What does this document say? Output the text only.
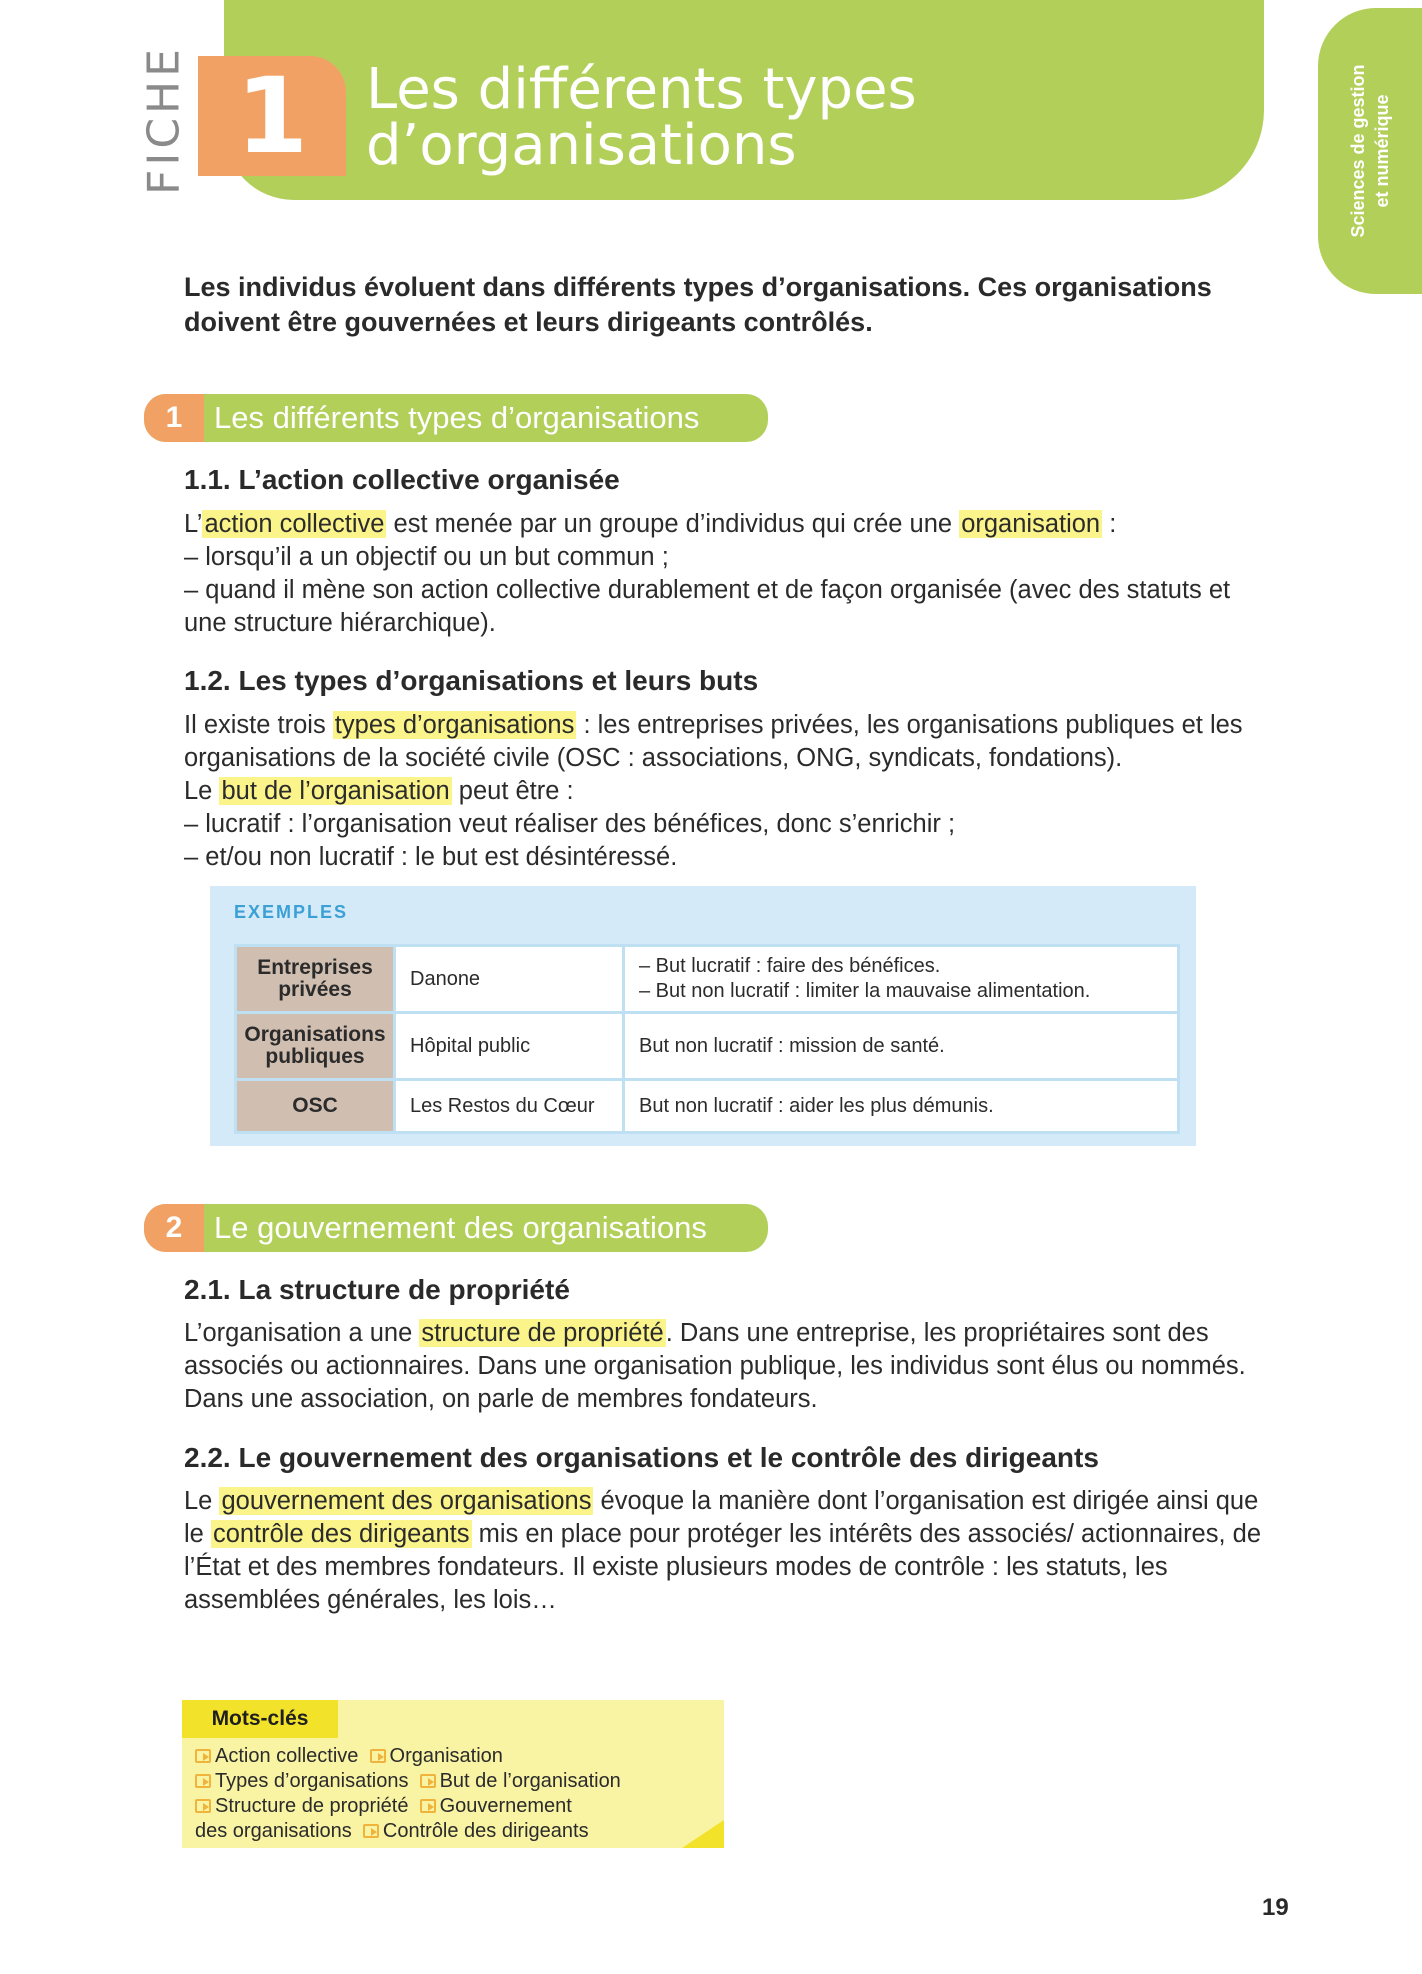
FICHE 1	Les différents types
d’organisations	Sciences de gestion et numérique
Les individus évoluent dans différents types d’organisations. Ces organisations doivent être gouvernées et leurs dirigeants contrôlés.
1	Les différents types d’organisations
1.1. L’action collective organisée

L’action collective est menée par un groupe d’individus qui crée une organisation :

– lorsqu’il a un objectif ou un but commun ;

– quand il mène son action collective durablement et de façon organisée (avec des statuts et une structure hiérarchique).

1.2. Les types d’organisations et leurs buts

Il existe trois types d’organisations : les entreprises privées, les organisations publiques et les organisations de la société civile (OSC : associations, ONG, syndicats, fondations).

Le but de l’organisation peut être :

– lucratif : l’organisation veut réaliser des bénéfices, donc s’enrichir ;

– et/ou non lucratif : le but est désintéressé.

EXEMPLES
Entreprises privées	Danone	– But lucratif : faire des bénéfices.
– But non lucratif : limiter la mauvaise alimentation.

Organisations publiques	Hôpital public	But non lucratif : mission de santé.
OSC	Les Restos du Cœur	But non lucratif : aider les plus démunis.
2	Le gouvernement des organisations
2.1. La structure de propriété

L’organisation a une structure de propriété. Dans une entreprise, les propriétaires sont des associés ou actionnaires. Dans une organisation publique, les individus sont élus ou nommés. Dans une association, on parle de membres fondateurs.

2.2. Le gouvernement des organisations et le contrôle des dirigeants

Le gouvernement des organisations évoque la manière dont l’organisation est dirigée ainsi que le contrôle des dirigeants mis en place pour protéger les intérêts des associés/ actionnaires, de l’État et des membres fondateurs. Il existe plusieurs modes de contrôle : les statuts, les assemblées générales, les lois…

Mots-clés
Action collective Organisation
Types d’organisations But de l’organisation
Structure de propriété Gouvernement
des organisations Contrôle des dirigeants
19
